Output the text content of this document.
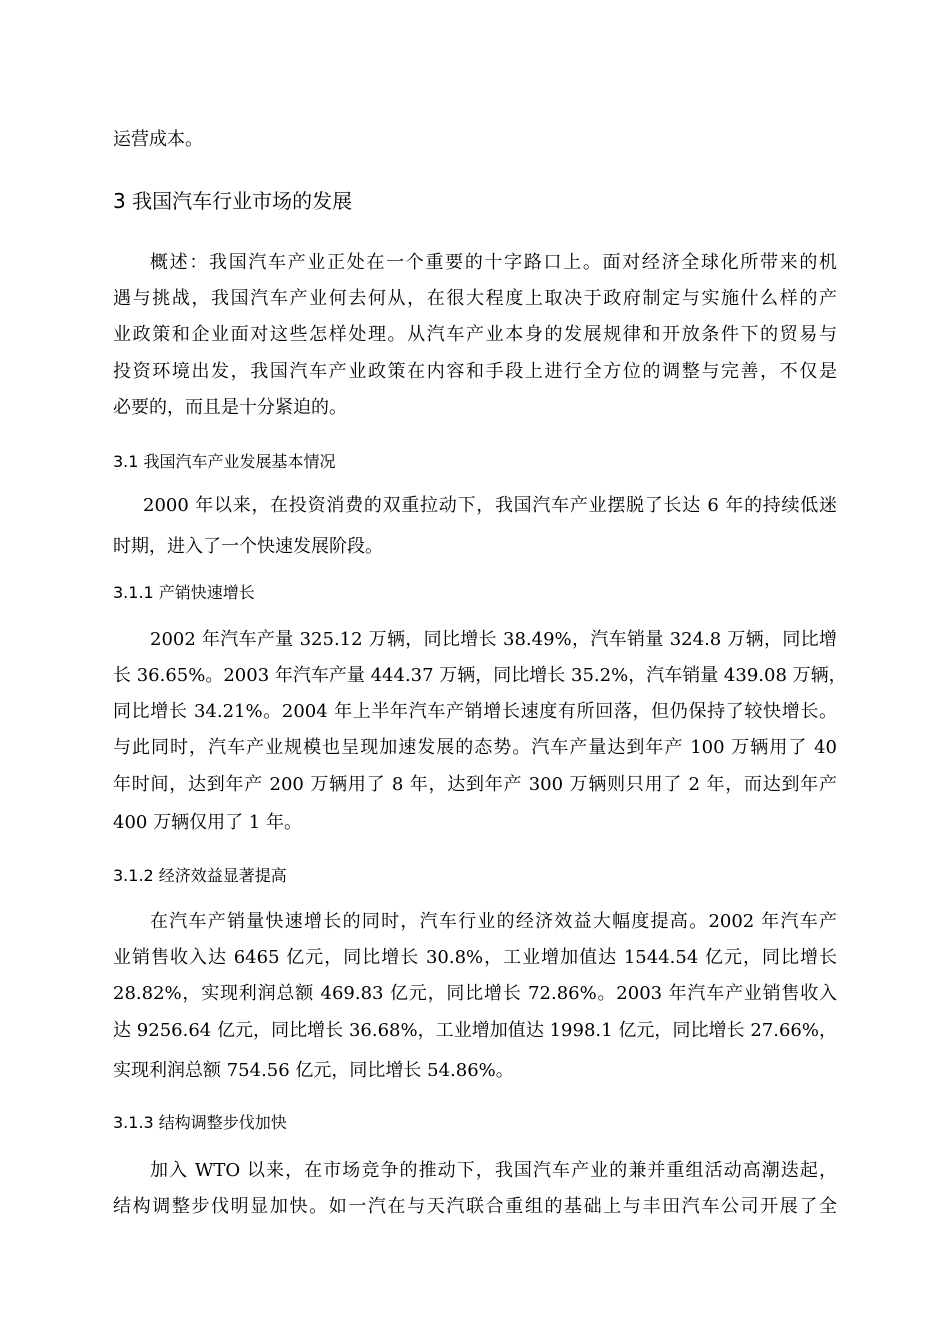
运营成本。
3 我国汽车行业市场的发展
概述：我国汽车产业正处在一个重要的十字路口上。面对经济全球化所带来的机
遇与挑战，我国汽车产业何去何从，在很大程度上取决于政府制定与实施什么样的产
业政策和企业面对这些怎样处理。从汽车产业本身的发展规律和开放条件下的贸易与
投资环境出发，我国汽车产业政策在内容和手段上进行全方位的调整与完善，不仅是
必要的，而且是十分紧迫的。
3.1 我国汽车产业发展基本情况
2000 年以来，在投资消费的双重拉动下，我国汽车产业摆脱了长达 6 年的持续低迷
时期，进入了一个快速发展阶段。
3.1.1 产销快速增长
2002 年汽车产量 325.12 万辆，同比增长 38.49%，汽车销量 324.8 万辆，同比增
长 36.65%。2003 年汽车产量 444.37 万辆，同比增长 35.2%，汽车销量 439.08 万辆，
同比增长 34.21%。2004 年上半年汽车产销增长速度有所回落，但仍保持了较快增长。
与此同时，汽车产业规模也呈现加速发展的态势。汽车产量达到年产 100 万辆用了 40
年时间，达到年产 200 万辆用了 8 年，达到年产 300 万辆则只用了 2 年，而达到年产
400 万辆仅用了 1 年。
3.1.2 经济效益显著提高
在汽车产销量快速增长的同时，汽车行业的经济效益大幅度提高。2002 年汽车产
业销售收入达 6465 亿元，同比增长 30.8%，工业增加值达 1544.54 亿元，同比增长
28.82%，实现利润总额 469.83 亿元，同比增长 72.86%。2003 年汽车产业销售收入
达 9256.64 亿元，同比增长 36.68%，工业增加值达 1998.1 亿元，同比增长 27.66%，
实现利润总额 754.56 亿元，同比增长 54.86%。
3.1.3 结构调整步伐加快
加入 WTO 以来，在市场竞争的推动下，我国汽车产业的兼并重组活动高潮迭起，
结构调整步伐明显加快。如一汽在与天汽联合重组的基础上与丰田汽车公司开展了全
